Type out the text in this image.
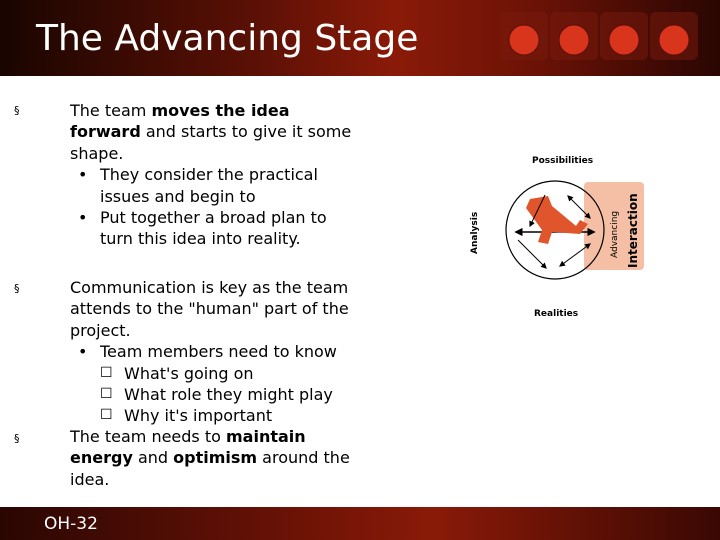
The Advancing Stage
§	The team moves the idea forward and starts to give it some shape.
• They consider the practical issues and begin to
• Put together a broad plan to turn this idea into reality.
§	Communication is key as the team attends to the "human" part of the project.
• Team members need to know
☐ What's going on
☐ What role they might play
☐ Why it's important
§	The team needs to maintain energy and optimism around the idea.
Possibilities
Realities
Analysis	Interaction
Advancing
OH-32
